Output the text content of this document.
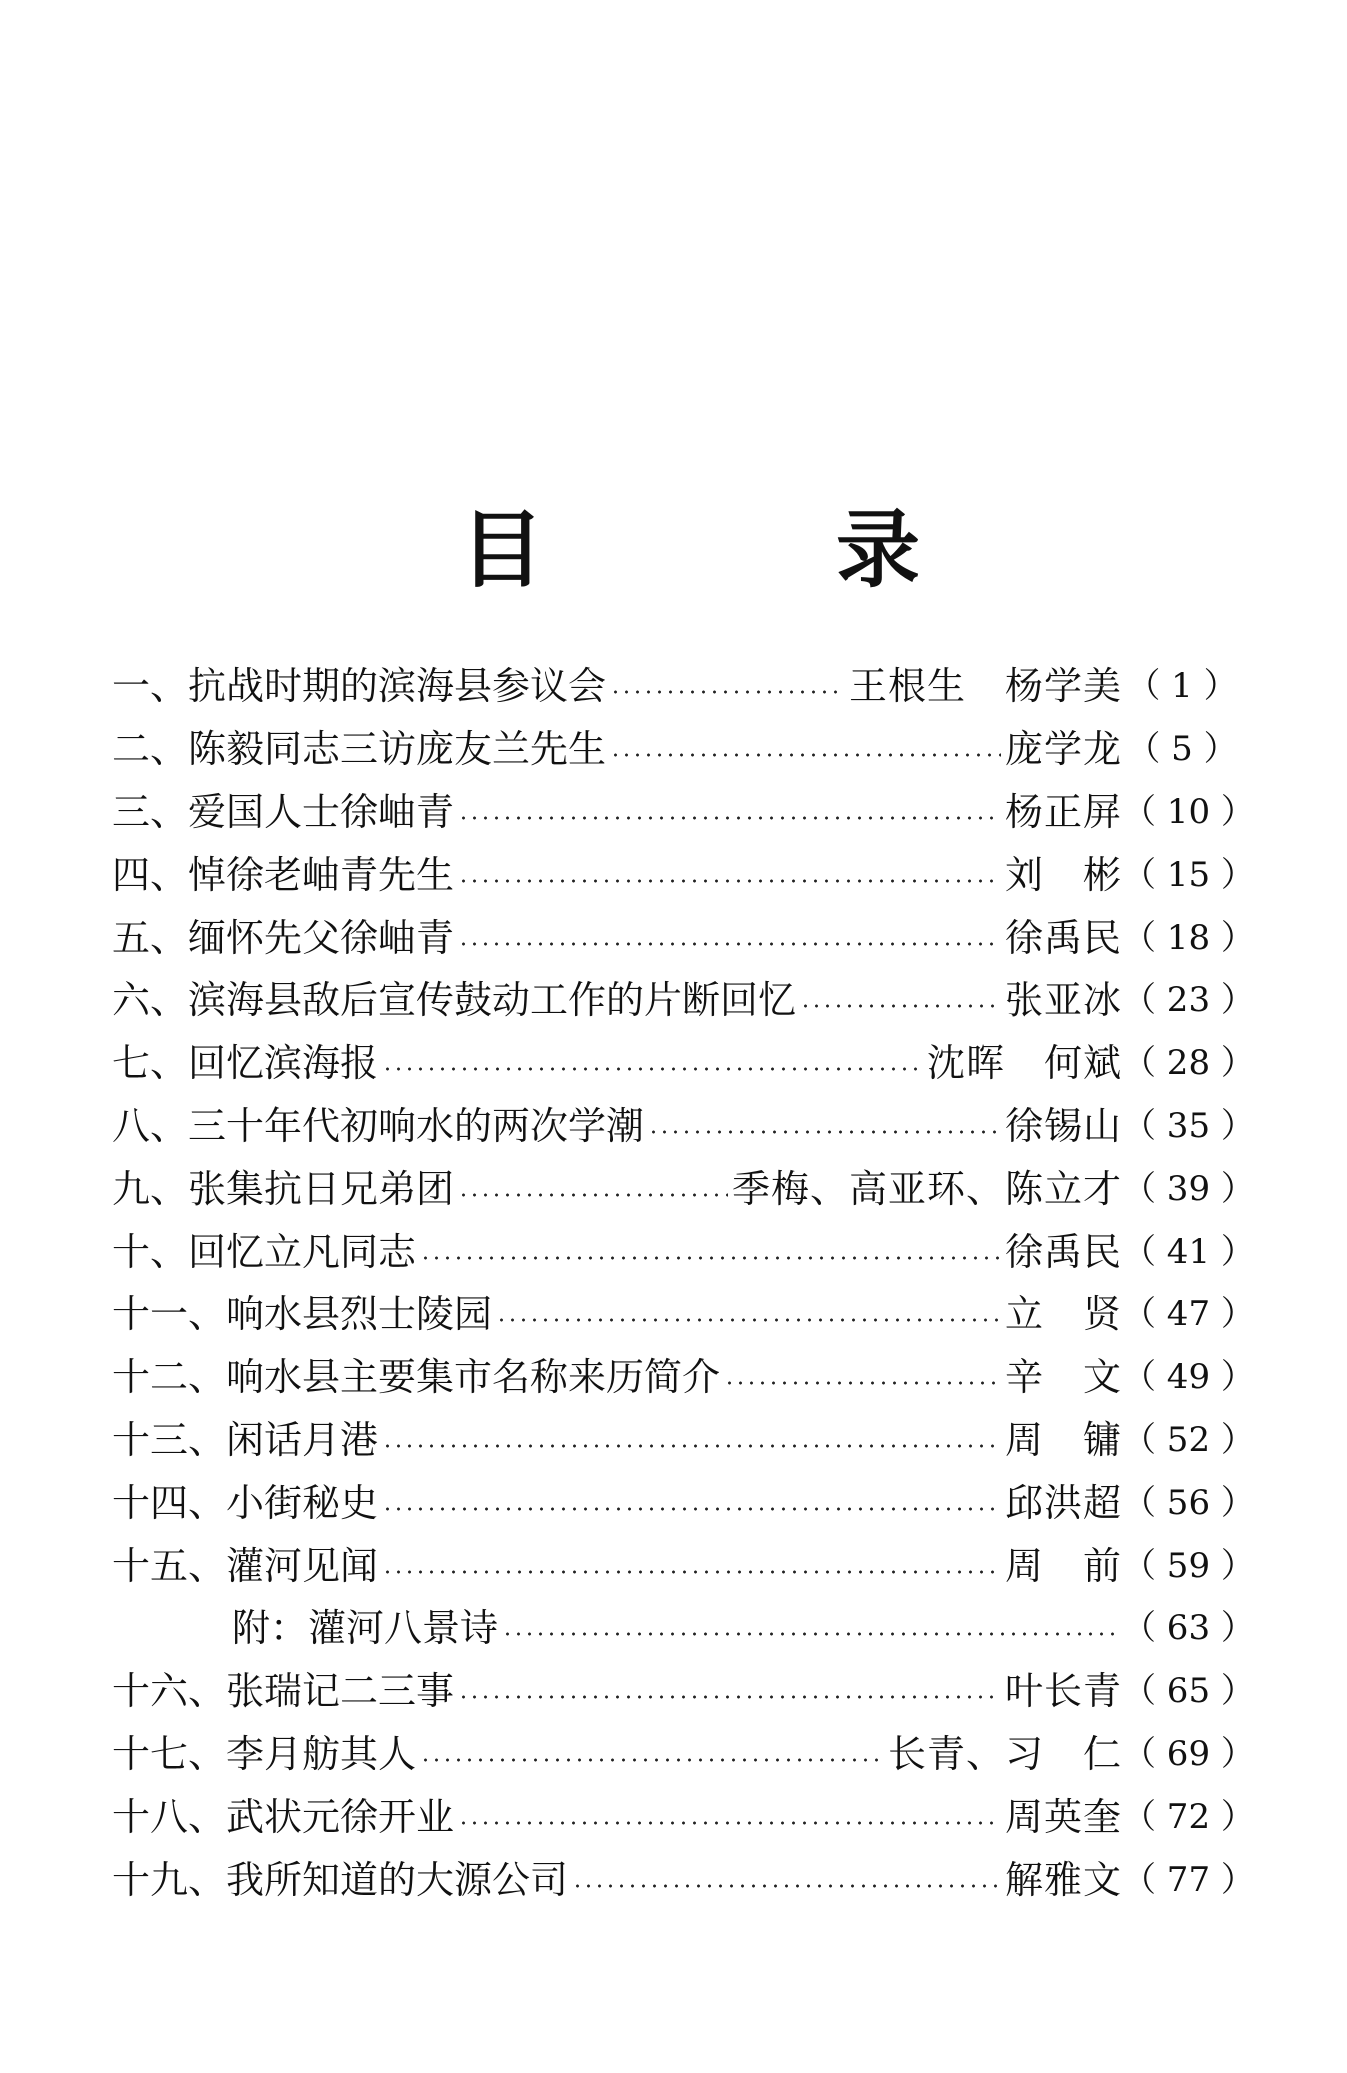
目	录
一、 抗战时期的滨海县参议会	王根生　杨学美 （ 1 ）
二、 陈毅同志三访庞友兰先生	庞学龙 （ 5 ）
三、 爱国人士徐岫青	杨正屏 （ 10 ）
四、 悼徐老岫青先生	刘　彬 （ 15 ）
五、 缅怀先父徐岫青	徐禹民 （ 18 ）
六、 滨海县敌后宣传鼓动工作的片断回忆	张亚冰 （ 23 ）
七、 回忆滨海报	沈晖　何斌 （ 28 ）
八、 三十年代初响水的两次学潮	徐锡山 （ 35 ）
九、 张集抗日兄弟团	季梅、高亚环、陈立才 （ 39 ）
十、 回忆立凡同志	徐禹民 （ 41 ）
十一、 响水县烈士陵园	立　贤 （ 47 ）
十二、 响水县主要集市名称来历简介	辛　文 （ 49 ）
十三、 闲话月港	周　镛 （ 52 ）
十四、 小街秘史	邱洪超 （ 56 ）
十五、 灌河见闻	周　前 （ 59 ）
附：灌河八景诗	（ 63 ）
十六、 张瑞记二三事	叶长青 （ 65 ）
十七、 李月舫其人	长青、习　仁 （ 69 ）
十八、 武状元徐开业	周英奎 （ 72 ）
十九、 我所知道的大源公司	解雅文 （ 77 ）
